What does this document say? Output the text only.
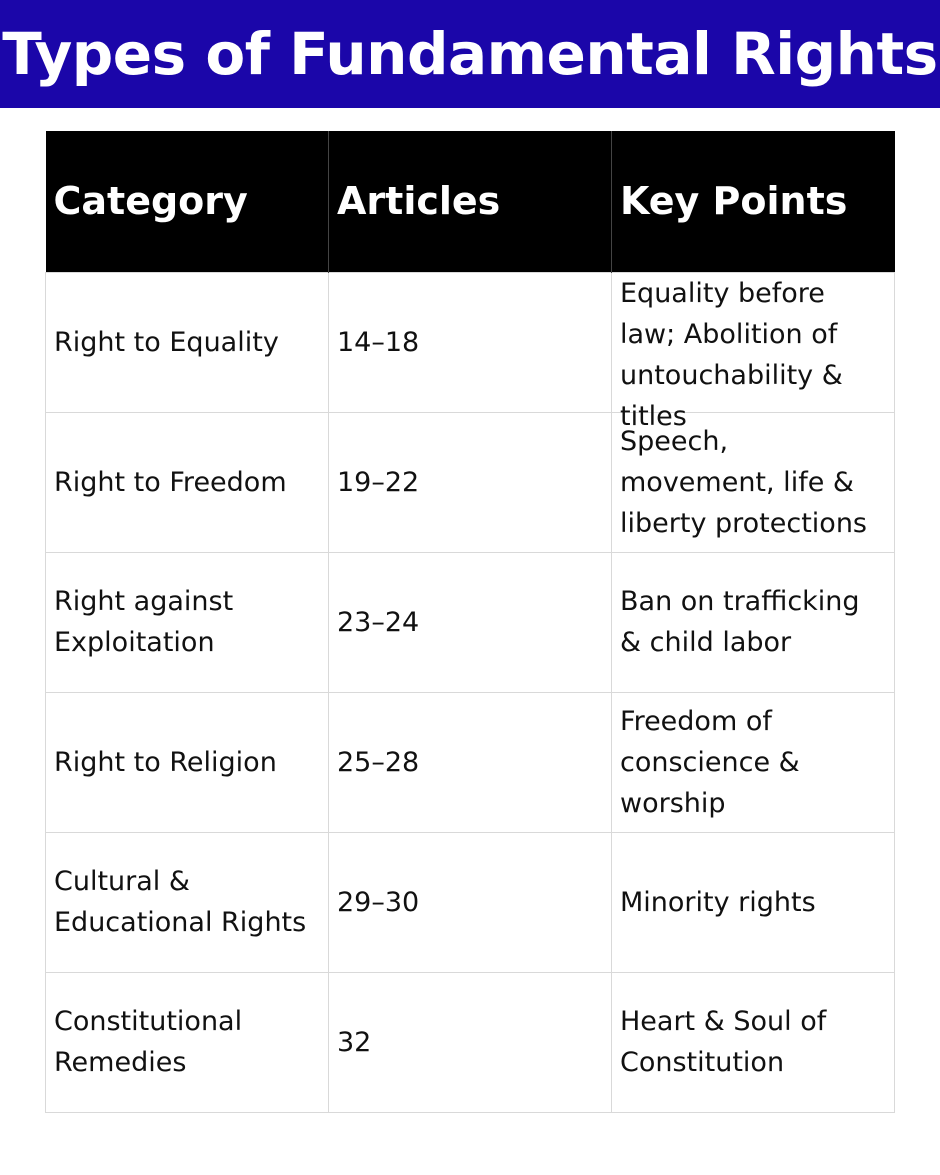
Types of Fundamental Rights
Category	Articles	Key Points

Right to Equality	14–18	Equality before law; Abolition of untouchability & titles

Right to Freedom	19–22	Speech, movement, life & liberty protections

Right against Exploitation	23–24	Ban on trafficking & child labor

Right to Religion	25–28	Freedom of conscience & worship

Cultural & Educational Rights	29–30	Minority rights

Constitutional Remedies	32	Heart & Soul of Constitution
